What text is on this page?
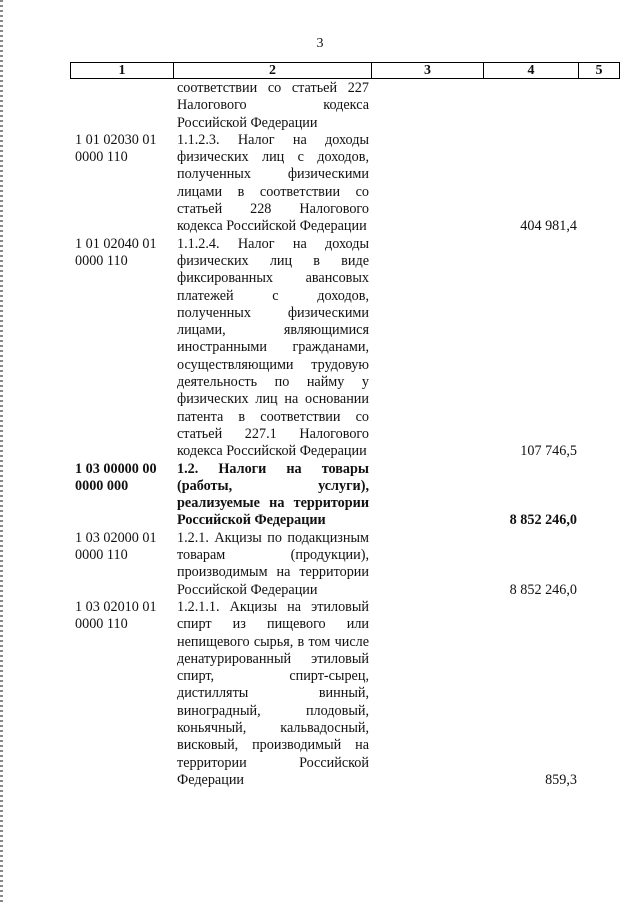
3
1	2	3	4	5
соответствии со статьей 227 Налогового кодекса Российской Федерации
1 01 02030 01
0000 110
1.1.2.3. Налог на доходы физических лиц с доходов, полученных физическими лицами в соответствии со статьей 228 Налогового кодекса Российской Федерации	404 981,4
1 01 02040 01
0000 110
1.1.2.4. Налог на доходы физических лиц в виде фиксированных авансовых платежей с доходов, полученных физическими лицами, являющимися иностранными гражданами, осуществляющими трудовую деятельность по найму у физических лиц на основании патента в соответствии со статьей 227.1 Налогового кодекса Российской Федерации	107 746,5
1 03 00000 00
0000 000
1.2. Налоги на товары (работы, услуги), реализуемые на территории Российской Федерации	8 852 246,0
1 03 02000 01
0000 110
1.2.1. Акцизы по подакцизным товарам (продукции), производимым на территории Российской Федерации	8 852 246,0
1 03 02010 01
0000 110
1.2.1.1. Акцизы на этиловый спирт из пищевого или непищевого сырья, в том числе денатурированный этиловый спирт, спирт-сырец, дистилляты винный, виноградный, плодовый, коньячный, кальвадосный, висковый, производимый на территории Российской Федерации	859,3
